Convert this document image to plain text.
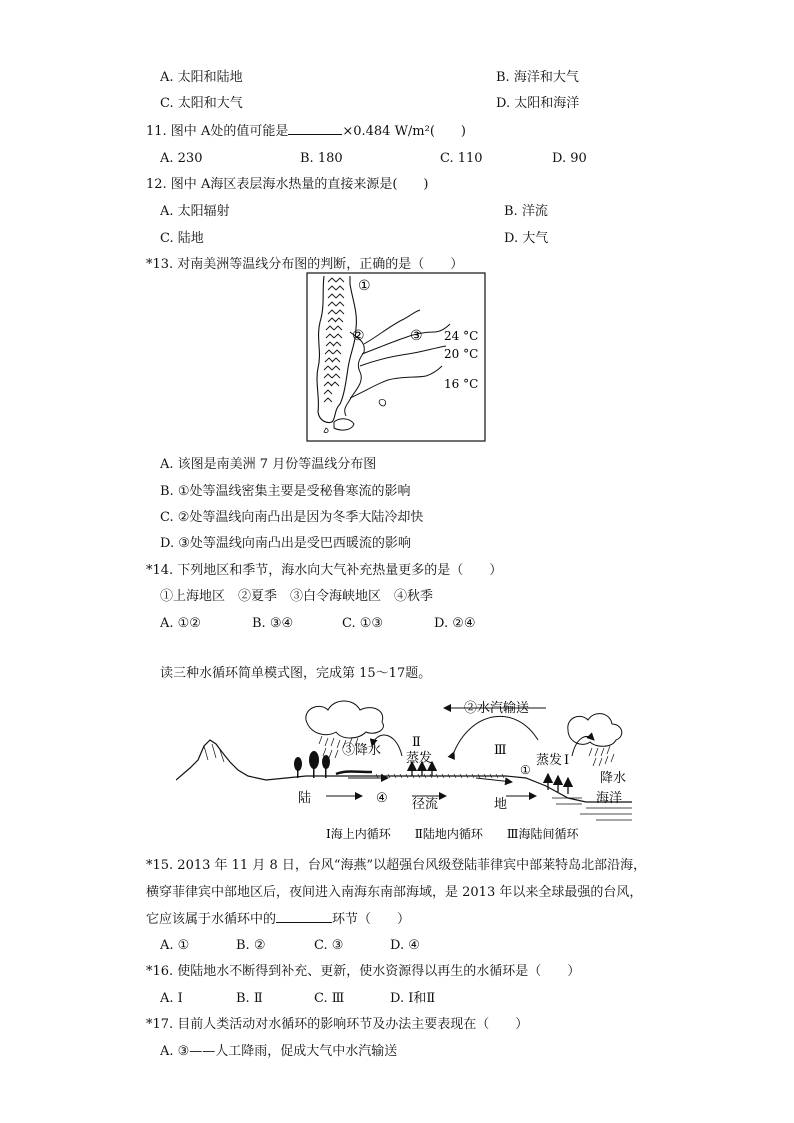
A. 太阳和陆地	B. 海洋和大气
C. 太阳和大气	D. 太阳和海洋
11. 图中 A处的值可能是	×0.484 W/m²(　　)
A. 230	B. 180	C. 110	D. 90
12. 图中 A海区表层海水热量的直接来源是(　　)
A. 太阳辐射	B. 洋流
C. 陆地	D. 大气
*13. 对南美洲等温线分布图的判断，正确的是（　　）
①
②	③ 24 °C
20 °C
16 °C
A. 该图是南美洲 7 月份等温线分布图
B. ①处等温线密集主要是受秘鲁寒流的影响
C. ②处等温线向南凸出是因为冬季大陆冷却快
D. ③处等温线向南凸出是受巴西暖流的影响
*14. 下列地区和季节，海水向大气补充热量更多的是（　　）
①上海地区　②夏季　③白令海峡地区　④秋季
A. ①②	B. ③④	C. ①③	D. ②④
读三种水循环简单模式图，完成第 15～17题。
②水汽输送
③降水
Ⅱ
蒸发
Ⅲ
蒸发 Ⅰ
①
降水
海洋
陆	④ 径流	地
Ⅰ海上内循环　　Ⅱ陆地内循环　　Ⅲ海陆间循环
*15. 2013 年 11 月 8 日，台风“海燕”以超强台风级登陆菲律宾中部莱特岛北部沿海，
横穿菲律宾中部地区后，夜间进入南海东南部海域，是 2013 年以来全球最强的台风，
它应该属于水循环中的	环节（　　）
A. ①	B. ②	C. ③	D. ④
*16. 使陆地水不断得到补充、更新，使水资源得以再生的水循环是（　　）
A. Ⅰ	B. Ⅱ	C. Ⅲ	D. Ⅰ和Ⅱ
*17. 目前人类活动对水循环的影响环节及办法主要表现在（　　）
A. ③——人工降雨，促成大气中水汽输送
